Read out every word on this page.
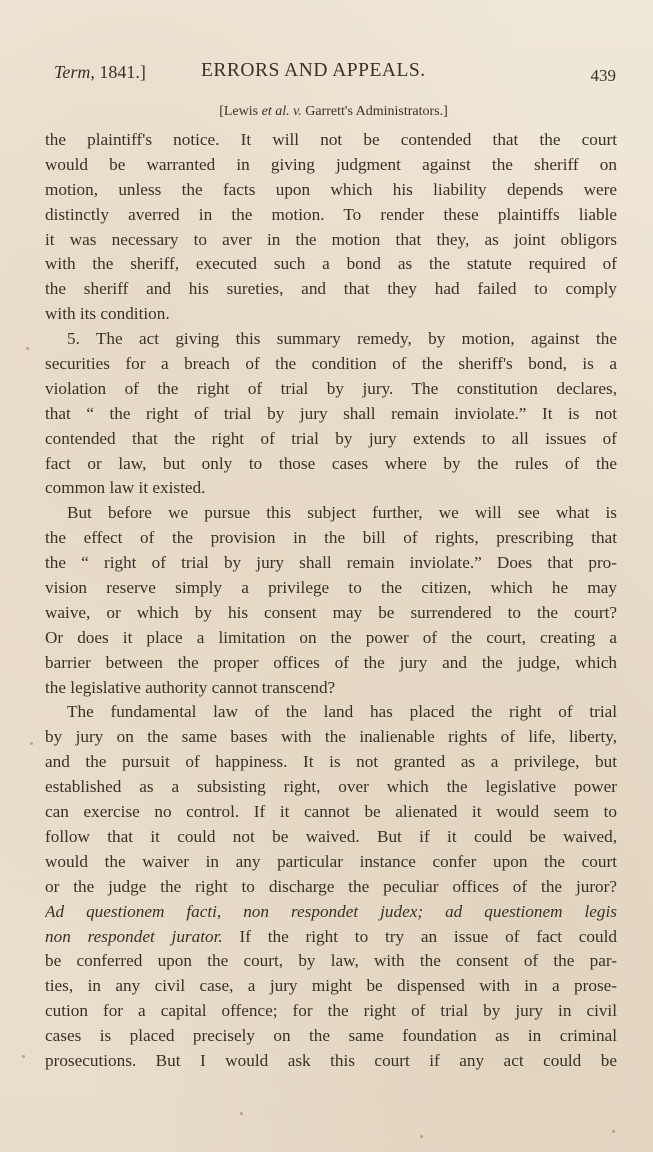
Term, 1841.]	ERRORS AND APPEALS.	439
[Lewis et al. v. Garrett's Administrators.]
the plaintiff's notice. It will not be contended that the court
would be warranted in giving judgment against the sheriff on
motion, unless the facts upon which his liability depends were
distinctly averred in the motion. To render these plaintiffs liable
it was necessary to aver in the motion that they, as joint obligors
with the sheriff, executed such a bond as the statute required of
the sheriff and his sureties, and that they had failed to comply
with its condition.
5. The act giving this summary remedy, by motion, against the
securities for a breach of the condition of the sheriff's bond, is a
violation of the right of trial by jury. The constitution declares,
that “ the right of trial by jury shall remain inviolate.” It is not
contended that the right of trial by jury extends to all issues of
fact or law, but only to those cases where by the rules of the
common law it existed.
But before we pursue this subject further, we will see what is
the effect of the provision in the bill of rights, prescribing that
the “ right of trial by jury shall remain inviolate.” Does that pro-
vision reserve simply a privilege to the citizen, which he may
waive, or which by his consent may be surrendered to the court?
Or does it place a limitation on the power of the court, creating a
barrier between the proper offices of the jury and the judge, which
the legislative authority cannot transcend?
The fundamental law of the land has placed the right of trial
by jury on the same bases with the inalienable rights of life, liberty,
and the pursuit of happiness. It is not granted as a privilege, but
established as a subsisting right, over which the legislative power
can exercise no control. If it cannot be alienated it would seem to
follow that it could not be waived. But if it could be waived,
would the waiver in any particular instance confer upon the court
or the judge the right to discharge the peculiar offices of the juror?
Ad questionem facti, non respondet judex; ad questionem legis
non respondet jurator. If the right to try an issue of fact could
be conferred upon the court, by law, with the consent of the par-
ties, in any civil case, a jury might be dispensed with in a prose-
cution for a capital offence; for the right of trial by jury in civil
cases is placed precisely on the same foundation as in criminal
prosecutions. But I would ask this court if any act could be
